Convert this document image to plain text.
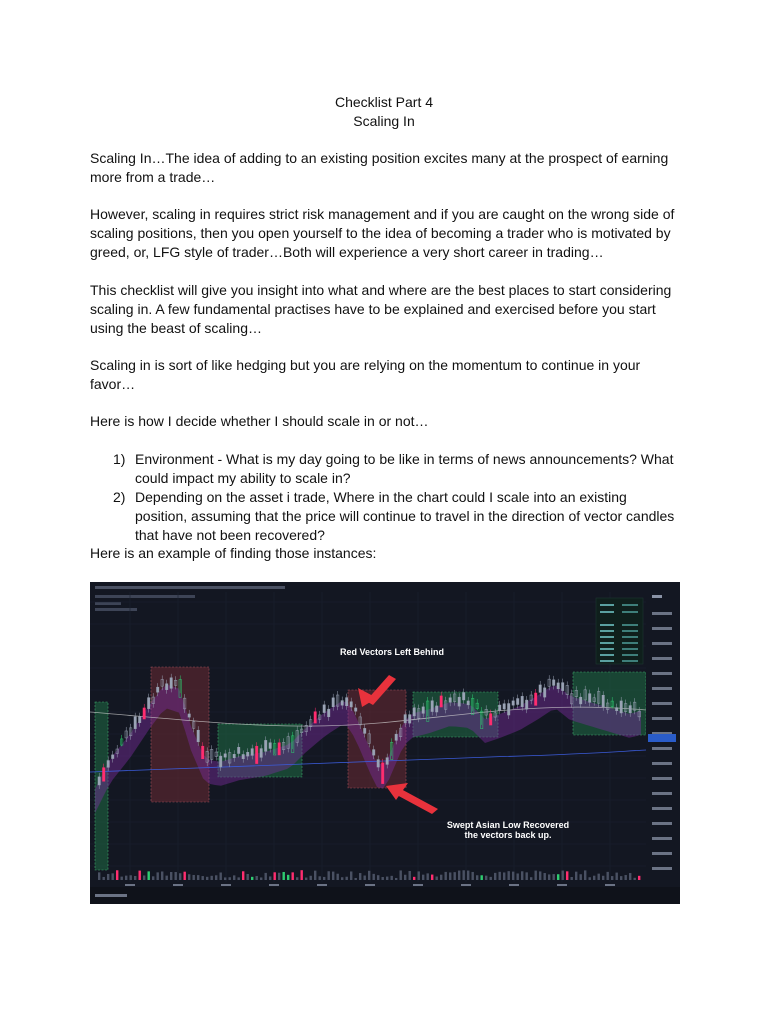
Checklist Part 4
Scaling In

Scaling In…The idea of adding to an existing position excites many at the prospect of earning more from a trade…

However, scaling in requires strict risk management and if you are caught on the wrong side of scaling positions, then you open yourself to the idea of becoming a trader who is motivated by greed, or, LFG style of trader…Both will experience a very short career in trading…

This checklist will give you insight into what and where are the best places to start considering scaling in. A few fundamental practises have to be explained and exercised before you start using the beast of scaling…

Scaling in is sort of like hedging but you are relying on the momentum to continue in your favor…

Here is how I decide whether I should scale in or not…

1) Environment - What is my day going to be like in terms of news announcements? What could impact my ability to scale in?
2) Depending on the asset i trade, Where in the chart could I scale into an existing position, assuming that the price will continue to travel in the direction of vector candles that have not been recovered?

Here is an example of finding those instances:

Red Vectors Left Behind
Swept Asian Low Recovered
the vectors back up.
